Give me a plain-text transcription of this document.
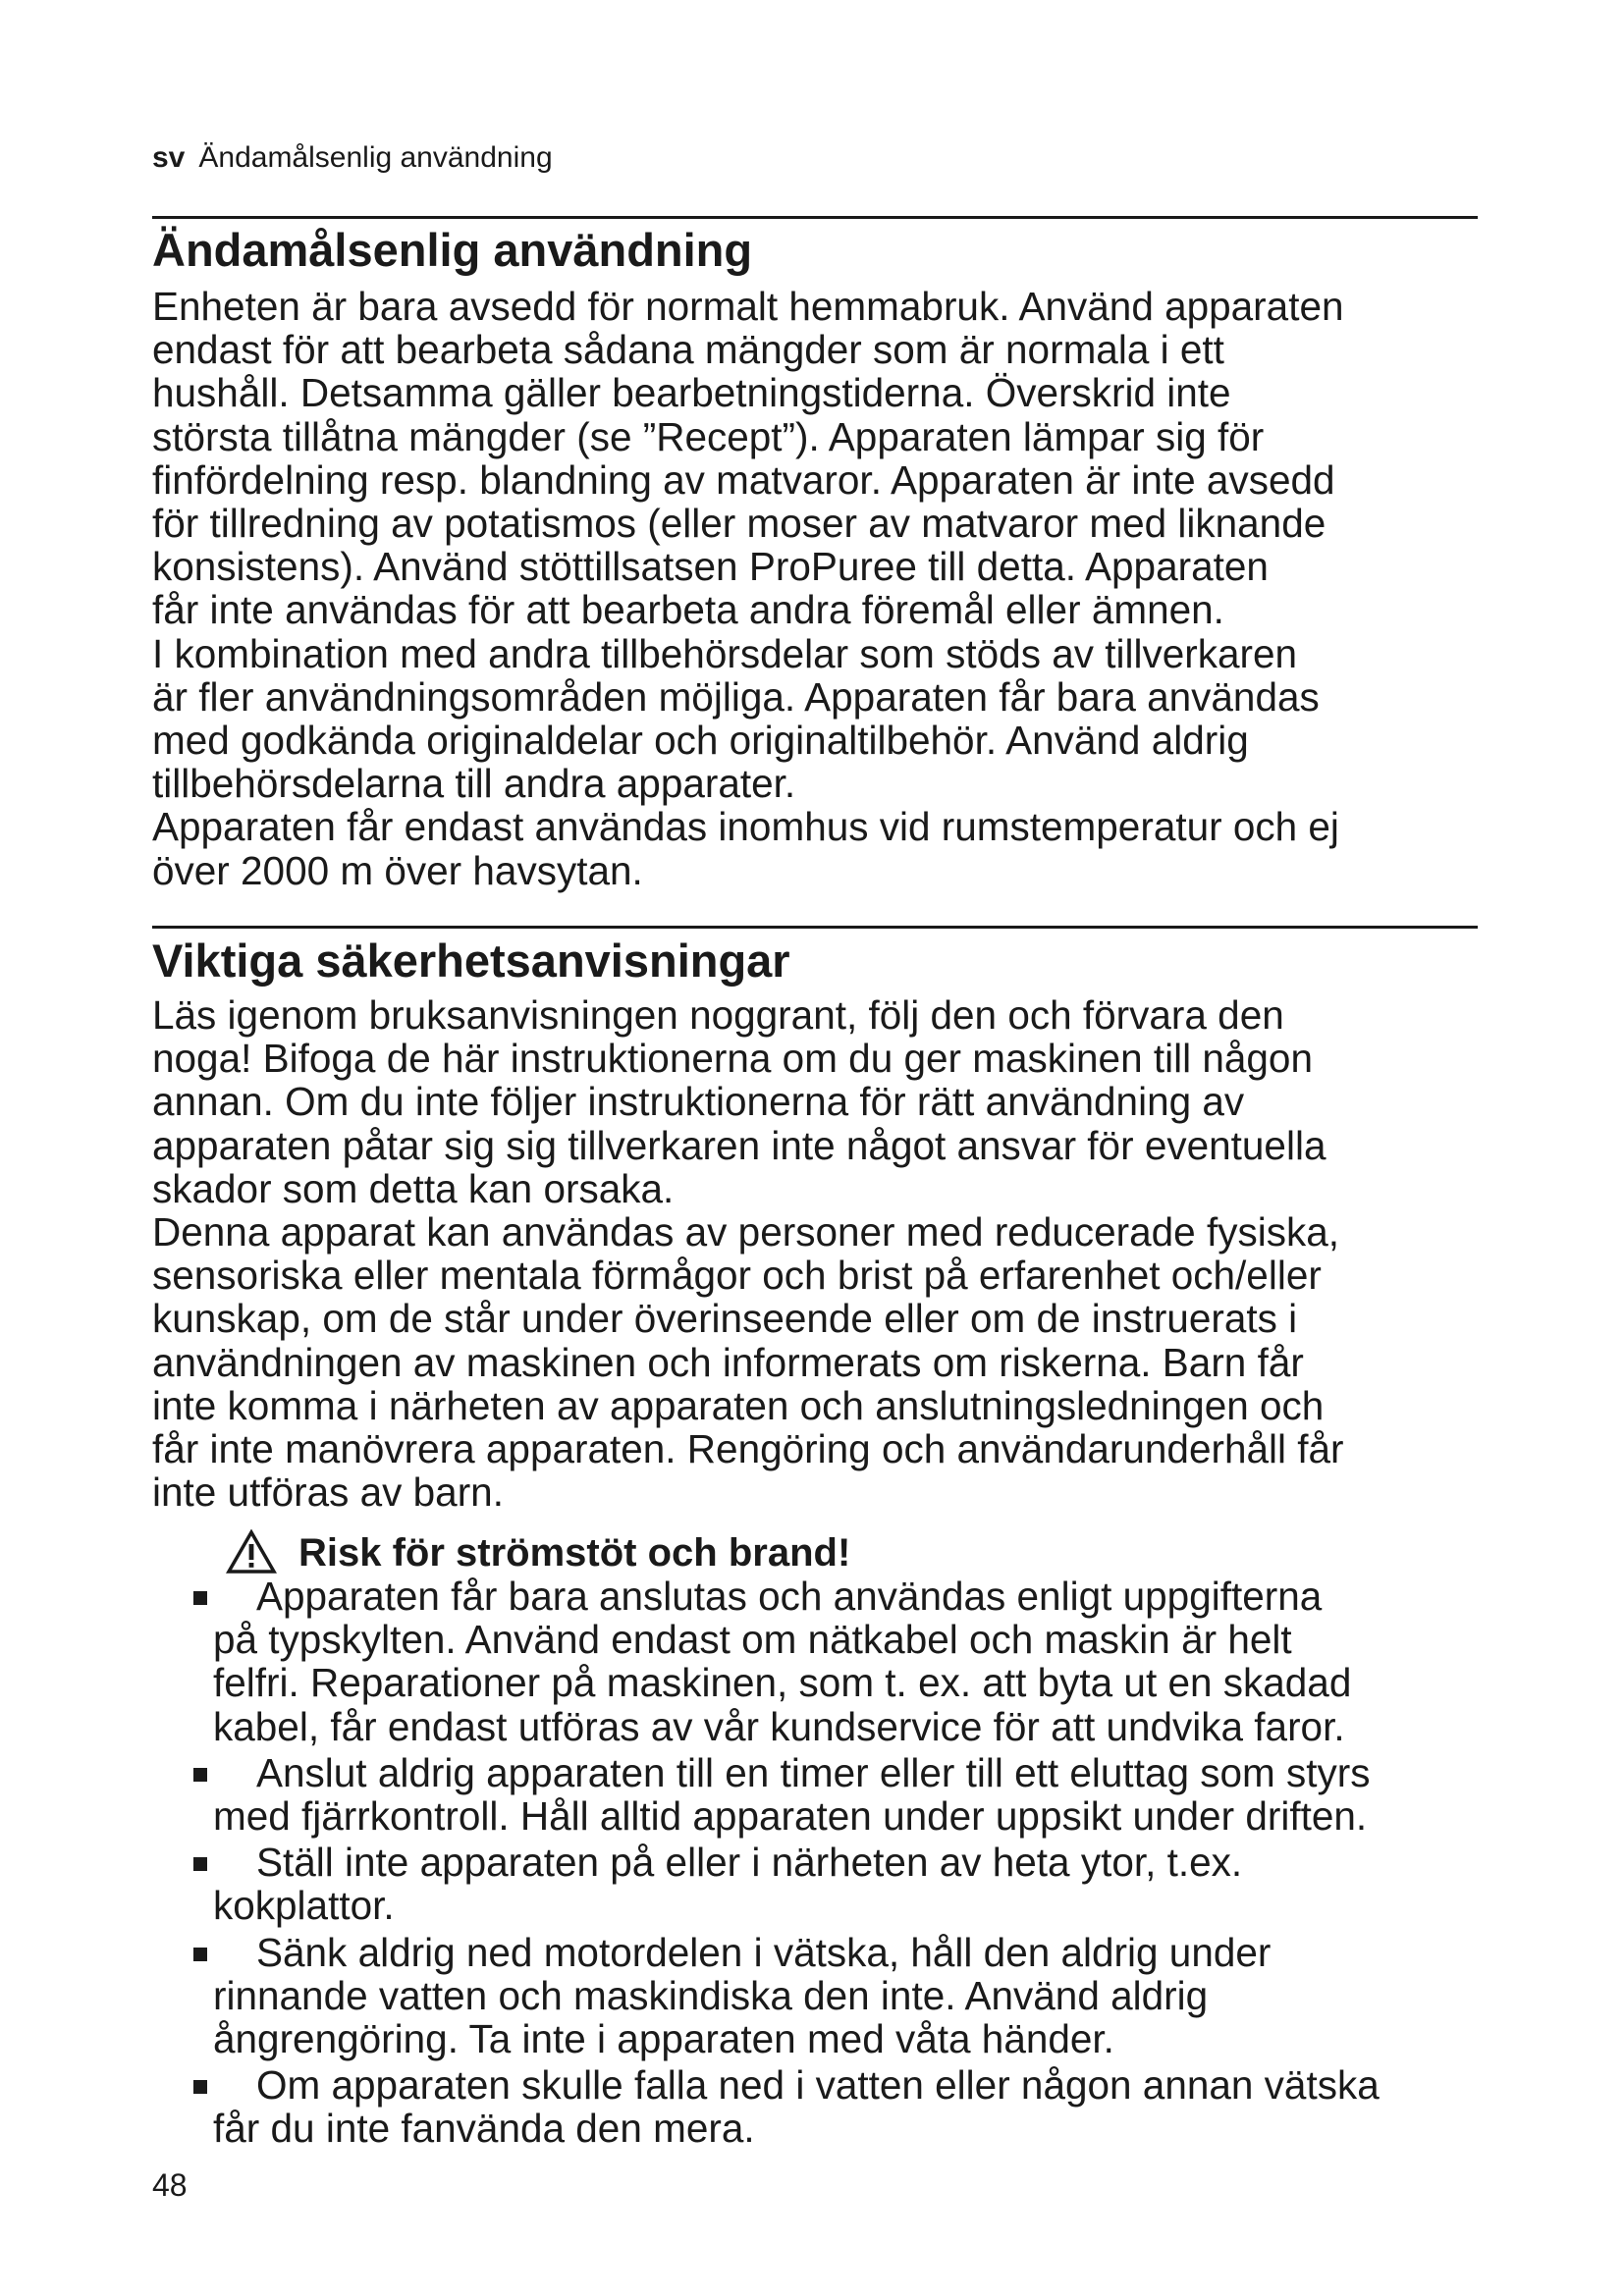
sv Ändamålsenlig användning
Ändamålsenlig användning
Enheten är bara avsedd för normalt hemmabruk. Använd apparaten
endast för att bearbeta sådana mängder som är normala i ett
hushåll. Detsamma gäller bearbetningstiderna. Överskrid inte
största tillåtna mängder (se ”Recept”). Apparaten lämpar sig för
finfördelning resp. blandning av matvaror. Apparaten är inte avsedd
för tillredning av potatismos (eller moser av matvaror med liknande
konsistens). Använd stöttillsatsen ProPuree till detta. Apparaten
får inte användas för att bearbeta andra föremål eller ämnen.
I kombination med andra tillbehörsdelar som stöds av tillverkaren
är fler användningsområden möjliga. Apparaten får bara användas
med godkända originaldelar och originaltilbehör. Använd aldrig
tillbehörsdelarna till andra apparater.
Apparaten får endast användas inomhus vid rumstemperatur och ej
över 2000 m över havsytan.
Viktiga säkerhetsanvisningar
Läs igenom bruksanvisningen noggrant, följ den och förvara den
noga! Bifoga de här instruktionerna om du ger maskinen till någon
annan. Om du inte följer instruktionerna för rätt användning av
apparaten påtar sig sig tillverkaren inte något ansvar för eventuella
skador som detta kan orsaka.
Denna apparat kan användas av personer med reducerade fysiska,
sensoriska eller mentala förmågor och brist på erfarenhet och/eller
kunskap, om de står under överinseende eller om de instruerats i
användningen av maskinen och informerats om riskerna. Barn får
inte komma i närheten av apparaten och anslutningsledningen och
får inte manövrera apparaten. Rengöring och användarunderhåll får
inte utföras av barn.
Risk för strömstöt och brand!
Apparaten får bara anslutas och användas enligt uppgifterna
på typskylten. Använd endast om nätkabel och maskin är helt
felfri. Reparationer på maskinen, som t. ex. att byta ut en skadad
kabel, får endast utföras av vår kundservice för att undvika faror.
Anslut aldrig apparaten till en timer eller till ett eluttag som styrs
med fjärrkontroll. Håll alltid apparaten under uppsikt under driften.
Ställ inte apparaten på eller i närheten av heta ytor, t.ex.
kokplattor.
Sänk aldrig ned motordelen i vätska, håll den aldrig under
rinnande vatten och maskindiska den inte. Använd aldrig
ångrengöring. Ta inte i apparaten med våta händer.
Om apparaten skulle falla ned i vatten eller någon annan vätska
får du inte fanvända den mera.
48
